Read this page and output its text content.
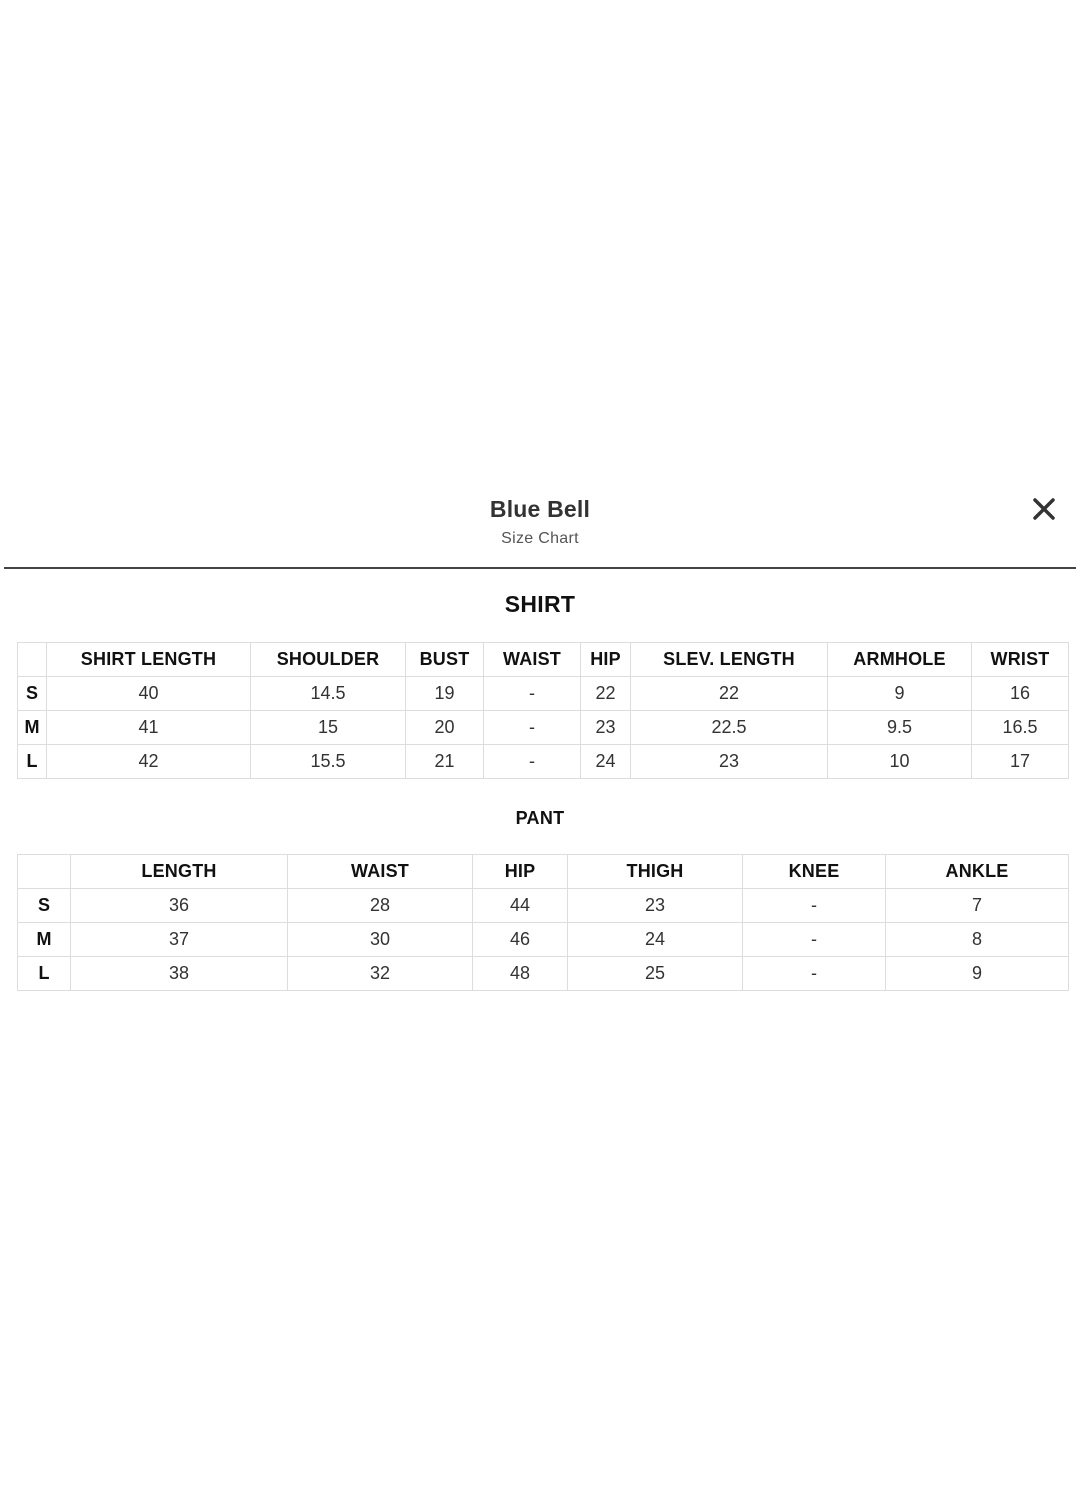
Blue Bell
Size Chart
SHIRT
	SHIRT LENGTH	SHOULDER	BUST	WAIST	HIP	SLEV. LENGTH	ARMHOLE	WRIST
S	40	14.5	19	-	22	22	9	16
M	41	15	20	-	23	22.5	9.5	16.5
L	42	15.5	21	-	24	23	10	17
PANT
	LENGTH	WAIST	HIP	THIGH	KNEE	ANKLE
S	36	28	44	23	-	7
M	37	30	46	24	-	8
L	38	32	48	25	-	9
